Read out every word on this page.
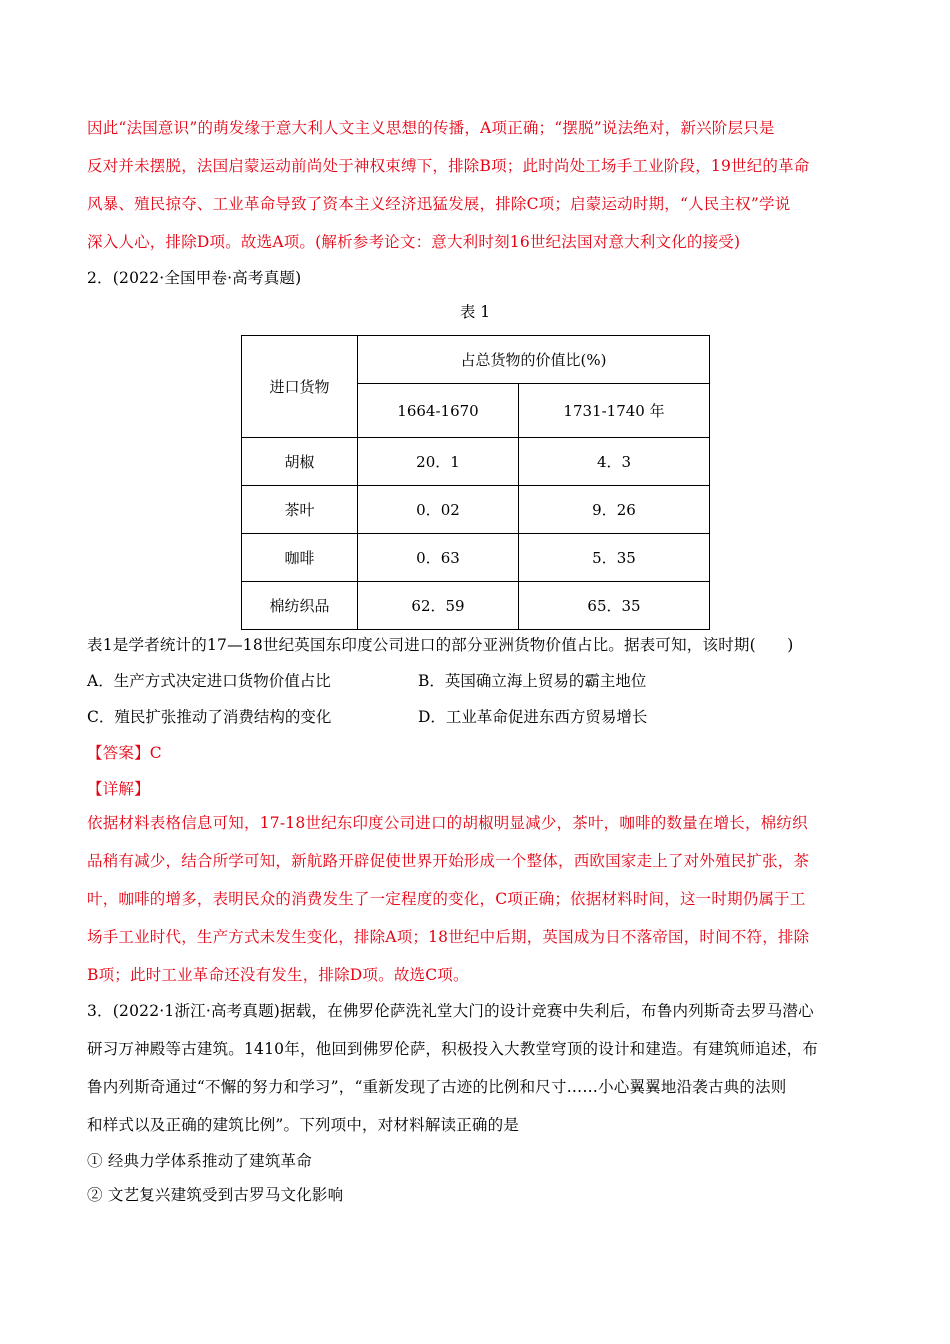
因此“法国意识”的萌发缘于意大利人文主义思想的传播，A项正确；“摆脱”说法绝对，新兴阶层只是
反对并未摆脱，法国启蒙运动前尚处于神权束缚下，排除B项；此时尚处工场手工业阶段，19世纪的革命
风暴、殖民掠夺、工业革命导致了资本主义经济迅猛发展，排除C项；启蒙运动时期，“人民主权”学说
深入人心，排除D项。故选A项。(解析参考论文：意大利时刻16世纪法国对意大利文化的接受)
2．(2022·全国甲卷·高考真题)
表 1
进口货物	占总货物的价值比(%)	
	1664-1670	1731-1740 年
胡椒	20．1	4．3
茶叶	0．02	9．26
咖啡	0．63	5．35
棉纺织品	62．59	65．35
表1是学者统计的17—18世纪英国东印度公司进口的部分亚洲货物价值占比。据表可知，该时期(　　)
A．生产方式决定进口货物价值占比	B．英国确立海上贸易的霸主地位
C．殖民扩张推动了消费结构的变化	D．工业革命促进东西方贸易增长
【答案】C
【详解】
依据材料表格信息可知，17-18世纪东印度公司进口的胡椒明显减少，茶叶，咖啡的数量在增长，棉纺织
品稍有减少，结合所学可知，新航路开辟促使世界开始形成一个整体，西欧国家走上了对外殖民扩张，茶
叶，咖啡的增多，表明民众的消费发生了一定程度的变化，C项正确；依据材料时间，这一时期仍属于工
场手工业时代，生产方式未发生变化，排除A项；18世纪中后期，英国成为日不落帝国，时间不符，排除
B项；此时工业革命还没有发生，排除D项。故选C项。
3．(2022·1浙江·高考真题)据载，在佛罗伦萨洗礼堂大门的设计竞赛中失利后，布鲁内列斯奇去罗马潜心
研习万神殿等古建筑。1410年，他回到佛罗伦萨，积极投入大教堂穹顶的设计和建造。有建筑师追述，布
鲁内列斯奇通过“不懈的努力和学习”，“重新发现了古迹的比例和尺寸……小心翼翼地沿袭古典的法则
和样式以及正确的建筑比例”。下列项中，对材料解读正确的是
① 经典力学体系推动了建筑革命
② 文艺复兴建筑受到古罗马文化影响
